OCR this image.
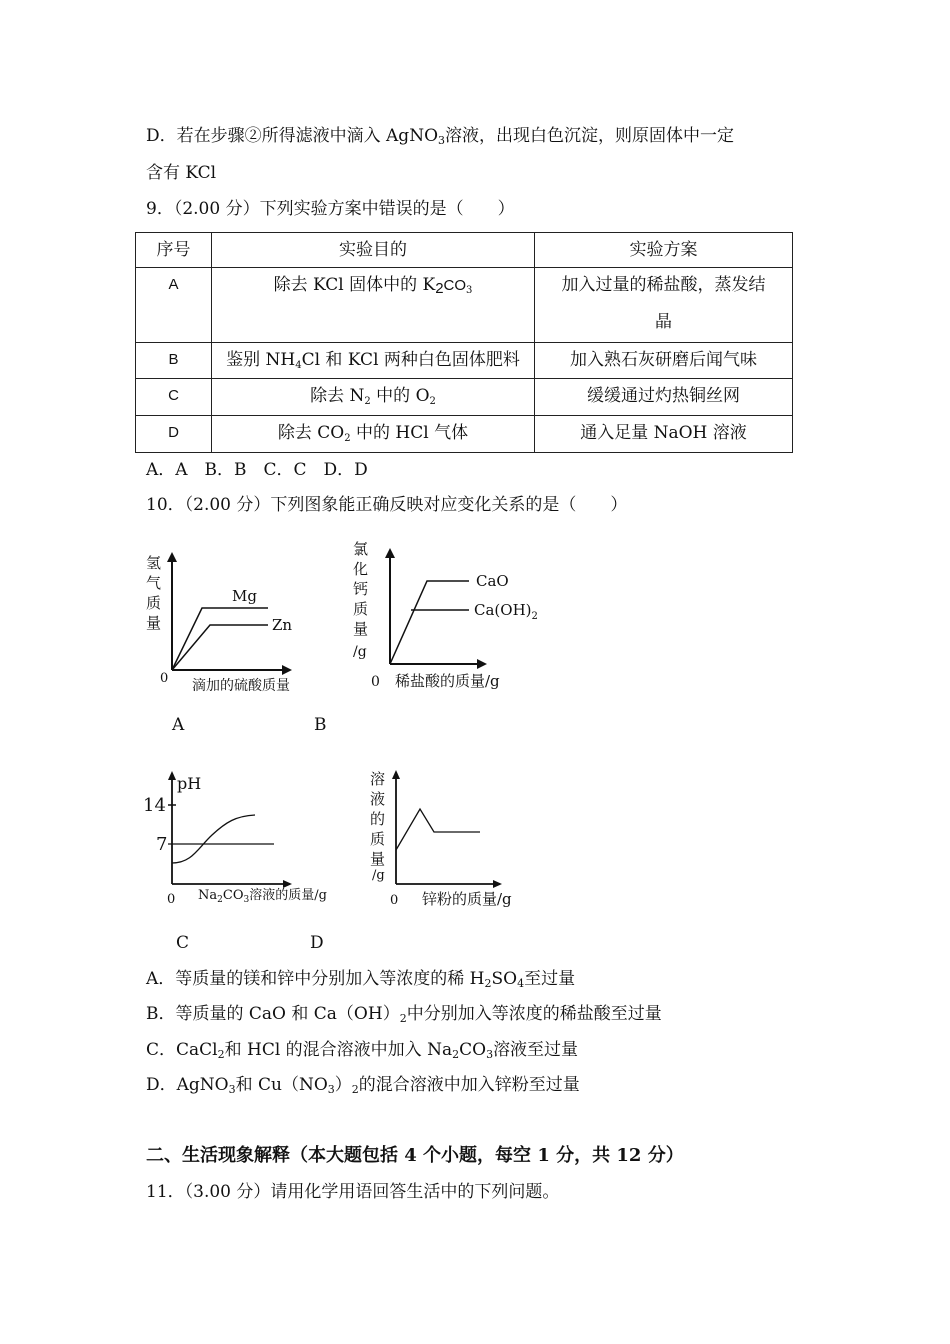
D．若在步骤②所得滤液中滴入 AgNO$_3$溶液，出现白色沉淀，则原固体中一定
含有 KCl
9．（2.00 分）下列实验方案中错误的是（　　）
序号	实验目的	实验方案
A	除去 KCl 固体中的 $K_2CO_3$	加入过量的稀盐酸，蒸发结
晶

B	鉴别 $NH_4Cl$ 和 KCl 两种白色固体肥料	加入熟石灰研磨后闻气味
C	除去 $N_2$ 中的 $O_2$	缓缓通过灼热铜丝网
D	除去 $CO_2$ 中的 HCl 气体	通入足量 NaOH 溶液
A．A　B．B　C．C　D．D
10．（2.00 分）下列图象能正确反映对应变化关系的是（　　）
氢
气
质
量
Mg
Zn
0 滴加的硫酸质量
A
氯
化
钙
质
量
/g
CaO
$Ca(OH)_2$
0 稀盐酸的质量/g
B
pH
14
7
0 $Na_2CO_3$溶液的质量/g
C
溶
液
的
质
量
/g
0 锌粉的质量/g
D
A．等质量的镁和锌中分别加入等浓度的稀 $H_2SO_4$至过量
B．等质量的 CaO 和 $Ca(OH)_2$中分别加入等浓度的稀盐酸至过量
C．CaCl$_2$和 HCl 的混合溶液中加入 $Na_2CO_3$溶液至过量
D．AgNO$_3$和 $Cu(NO_3)_2$的混合溶液中加入锌粉至过量
二、生活现象解释（本大题包括 4 个小题，每空 1 分，共 12 分）
11．（3.00 分）请用化学用语回答生活中的下列问题。
